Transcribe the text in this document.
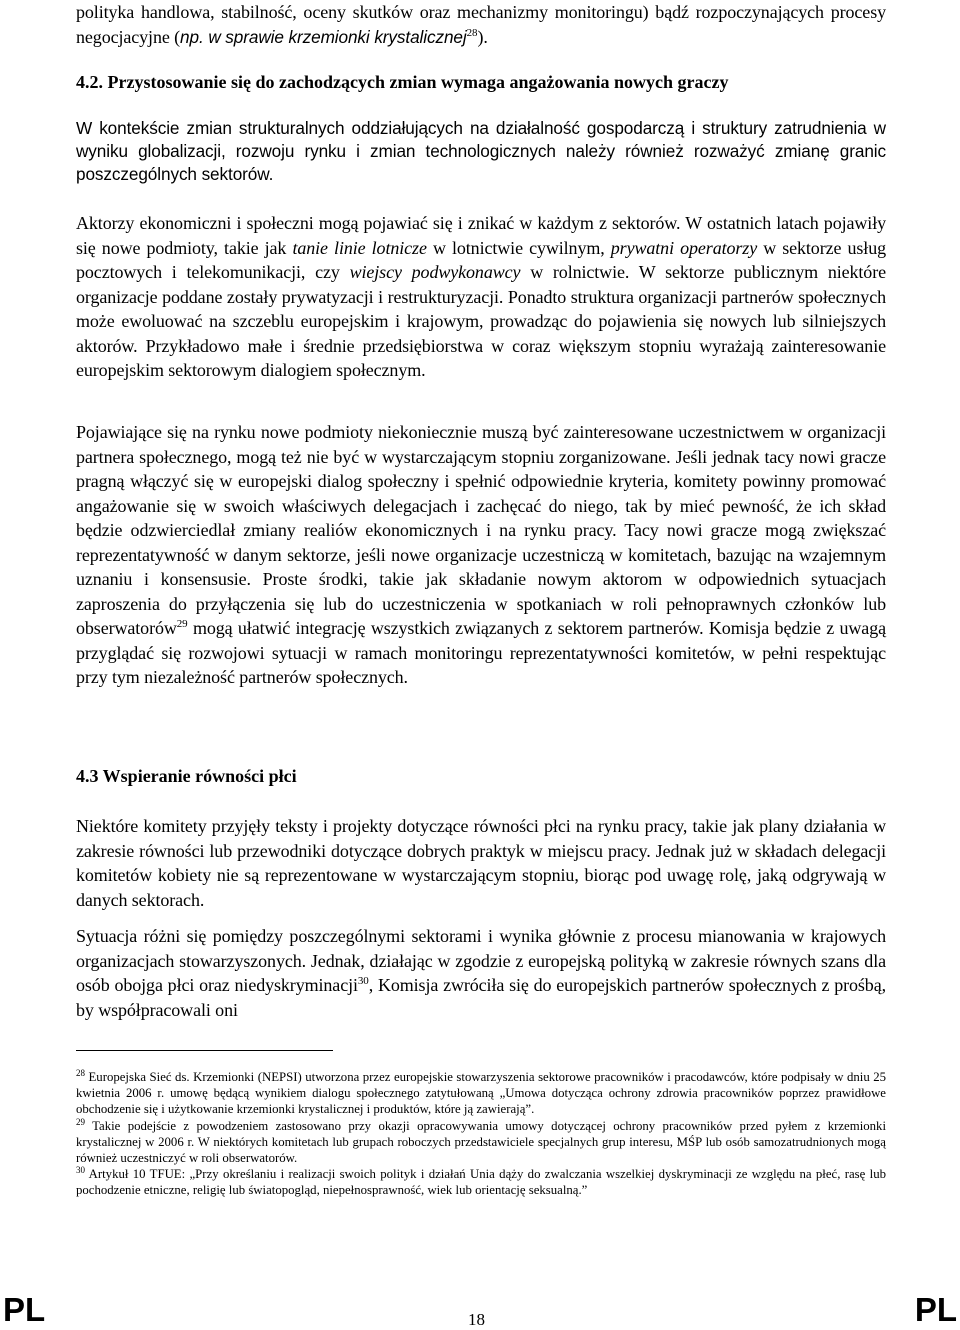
polityka handlowa, stabilność, oceny skutków oraz mechanizmy monitoringu) bądź rozpoczynających procesy negocjacyjne (np. w sprawie krzemionki krystalicznej$^{28}$).

4.2. Przystosowanie się do zachodzących zmian wymaga angażowania nowych graczy

W kontekście zmian strukturalnych oddziałujących na działalność gospodarczą i struktury zatrudnienia w wyniku globalizacji, rozwoju rynku i zmian technologicznych należy również rozważyć zmianę granic poszczególnych sektorów.

Aktorzy ekonomiczni i społeczni mogą pojawiać się i znikać w każdym z sektorów. W ostatnich latach pojawiły się nowe podmioty, takie jak tanie linie lotnicze w lotnictwie cywilnym, prywatni operatorzy w sektorze usług pocztowych i telekomunikacji, czy wiejscy podwykonawcy w rolnictwie. W sektorze publicznym niektóre organizacje poddane zostały prywatyzacji i restrukturyzacji. Ponadto struktura organizacji partnerów społecznych może ewoluować na szczeblu europejskim i krajowym, prowadząc do pojawienia się nowych lub silniejszych aktorów. Przykładowo małe i średnie przedsiębiorstwa w coraz większym stopniu wyrażają zainteresowanie europejskim sektorowym dialogiem społecznym.

Pojawiające się na rynku nowe podmioty niekoniecznie muszą być zainteresowane uczestnictwem w organizacji partnera społecznego, mogą też nie być w wystarczającym stopniu zorganizowane. Jeśli jednak tacy nowi gracze pragną włączyć się w europejski dialog społeczny i spełnić odpowiednie kryteria, komitety powinny promować angażowanie się w swoich właściwych delegacjach i zachęcać do niego, tak by mieć pewność, że ich skład będzie odzwierciedlał zmiany realiów ekonomicznych i na rynku pracy. Tacy nowi gracze mogą zwiększać reprezentatywność w danym sektorze, jeśli nowe organizacje uczestniczą w komitetach, bazując na wzajemnym uznaniu i konsensusie. Proste środki, takie jak składanie nowym aktorom w odpowiednich sytuacjach zaproszenia do przyłączenia się lub do uczestniczenia w spotkaniach w roli pełnoprawnych członków lub obserwatorów$^{29}$ mogą ułatwić integrację wszystkich związanych z sektorem partnerów. Komisja będzie z uwagą przyglądać się rozwojowi sytuacji w ramach monitoringu reprezentatywności komitetów, w pełni respektując przy tym niezależność partnerów społecznych.

4.3 Wspieranie równości płci

Niektóre komitety przyjęły teksty i projekty dotyczące równości płci na rynku pracy, takie jak plany działania w zakresie równości lub przewodniki dotyczące dobrych praktyk w miejscu pracy. Jednak już w składach delegacji komitetów kobiety nie są reprezentowane w wystarczającym stopniu, biorąc pod uwagę rolę, jaką odgrywają w danych sektorach.

Sytuacja różni się pomiędzy poszczególnymi sektorami i wynika głównie z procesu mianowania w krajowych organizacjach stowarzyszonych. Jednak, działając w zgodzie z europejską polityką w zakresie równych szans dla osób obojga płci oraz niedyskryminacji$^{30}$, Komisja zwróciła się do europejskich partnerów społecznych z prośbą, by współpracowali oni

$^{28}$ Europejska Sieć ds. Krzemionki (NEPSI) utworzona przez europejskie stowarzyszenia sektorowe pracowników i pracodawców, które podpisały w dniu 25 kwietnia 2006 r. umowę będącą wynikiem dialogu społecznego zatytułowaną „Umowa dotycząca ochrony zdrowia pracowników poprzez prawidłowe obchodzenie się i użytkowanie krzemionki krystalicznej i produktów, które ją zawierają”.

$^{29}$ Takie podejście z powodzeniem zastosowano przy okazji opracowywania umowy dotyczącej ochrony pracowników przed pyłem z krzemionki krystalicznej w 2006 r. W niektórych komitetach lub grupach roboczych przedstawiciele specjalnych grup interesu, MŚP lub osób samozatrudnionych mogą również uczestniczyć w roli obserwatorów.

$^{30}$ Artykuł 10 TFUE: „Przy określaniu i realizacji swoich polityk i działań Unia dąży do zwalczania wszelkiej dyskryminacji ze względu na płeć, rasę lub pochodzenie etniczne, religię lub światopogląd, niepełnosprawność, wiek lub orientację seksualną.”

PL	18	PL
